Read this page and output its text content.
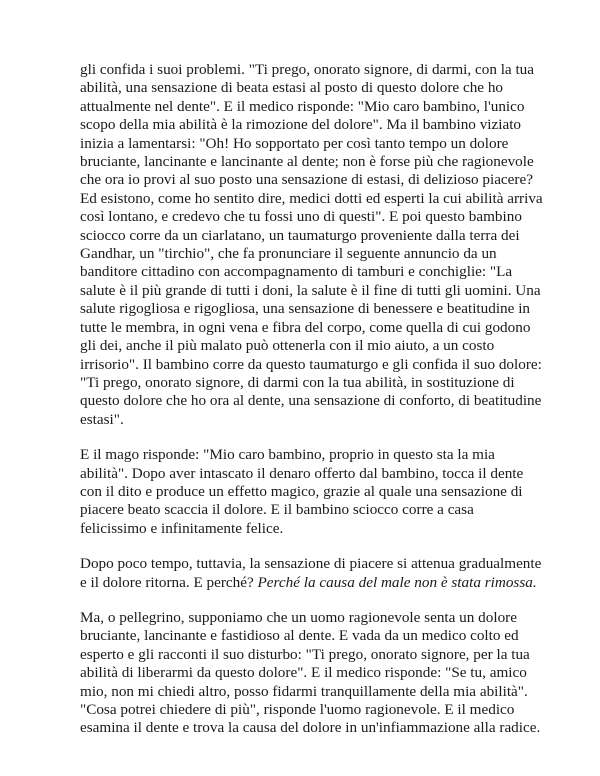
gli confida i suoi problemi. "Ti prego, onorato signore, di darmi, con la tua
abilità, una sensazione di beata estasi al posto di questo dolore che ho
attualmente nel dente". E il medico risponde: "Mio caro bambino, l'unico
scopo della mia abilità è la rimozione del dolore". Ma il bambino viziato
inizia a lamentarsi: "Oh! Ho sopportato per così tanto tempo un dolore
bruciante, lancinante e lancinante al dente; non è forse più che ragionevole
che ora io provi al suo posto una sensazione di estasi, di delizioso piacere?
Ed esistono, come ho sentito dire, medici dotti ed esperti la cui abilità arriva
così lontano, e credevo che tu fossi uno di questi". E poi questo bambino
sciocco corre da un ciarlatano, un taumaturgo proveniente dalla terra dei
Gandhar, un "tirchio", che fa pronunciare il seguente annuncio da un
banditore cittadino con accompagnamento di tamburi e conchiglie: "La
salute è il più grande di tutti i doni, la salute è il fine di tutti gli uomini. Una
salute rigogliosa e rigogliosa, una sensazione di benessere e beatitudine in
tutte le membra, in ogni vena e fibra del corpo, come quella di cui godono
gli dei, anche il più malato può ottenerla con il mio aiuto, a un costo
irrisorio". Il bambino corre da questo taumaturgo e gli confida il suo dolore:
"Ti prego, onorato signore, di darmi con la tua abilità, in sostituzione di
questo dolore che ho ora al dente, una sensazione di conforto, di beatitudine
estasi".
E il mago risponde: "Mio caro bambino, proprio in questo sta la mia
abilità". Dopo aver intascato il denaro offerto dal bambino, tocca il dente
con il dito e produce un effetto magico, grazie al quale una sensazione di
piacere beato scaccia il dolore. E il bambino sciocco corre a casa
felicissimo e infinitamente felice.
Dopo poco tempo, tuttavia, la sensazione di piacere si attenua gradualmente
e il dolore ritorna. E perché? Perché la causa del male non è stata rimossa.
Ma, o pellegrino, supponiamo che un uomo ragionevole senta un dolore
bruciante, lancinante e fastidioso al dente. E vada da un medico colto ed
esperto e gli racconti il suo disturbo: "Ti prego, onorato signore, per la tua
abilità di liberarmi da questo dolore". E il medico risponde: "Se tu, amico
mio, non mi chiedi altro, posso fidarmi tranquillamente della mia abilità".
"Cosa potrei chiedere di più", risponde l'uomo ragionevole. E il medico
esamina il dente e trova la causa del dolore in un'infiammazione alla radice.
